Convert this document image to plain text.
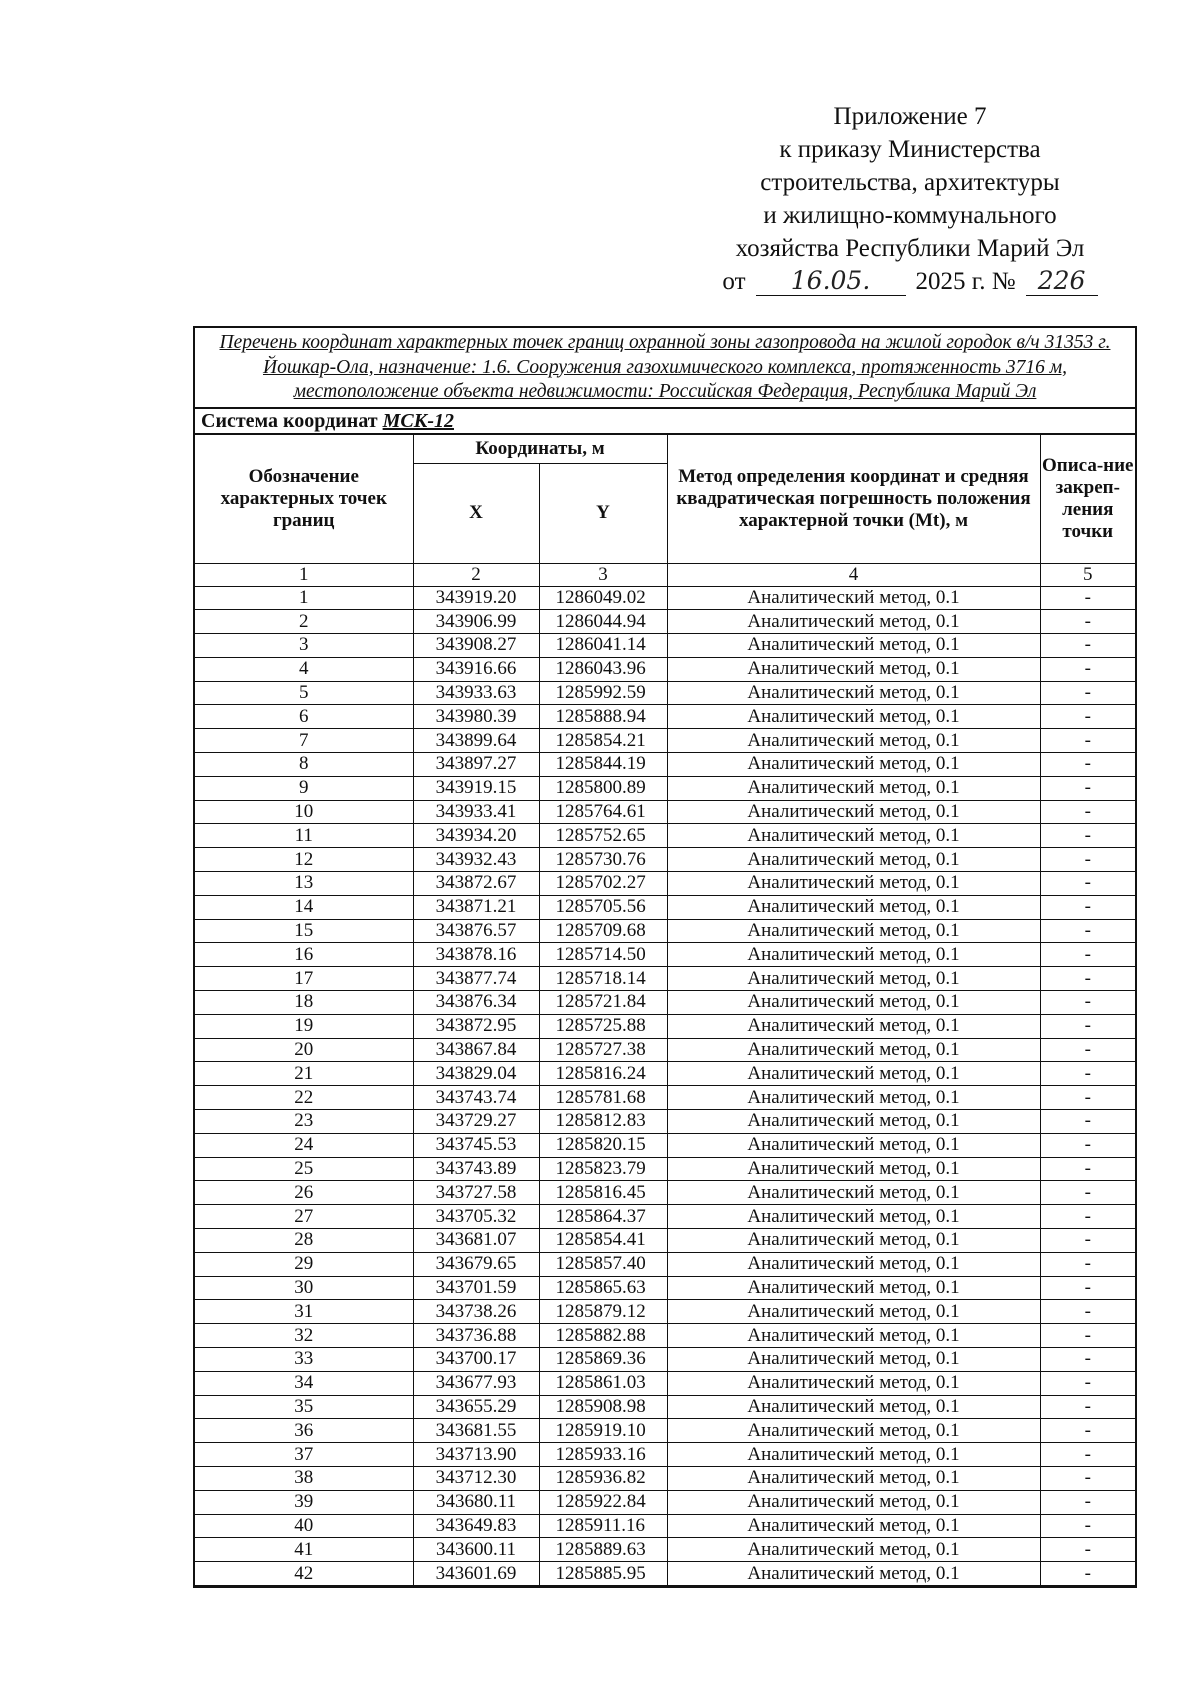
Приложение 7
к приказу Министерства
строительства, архитектуры
и жилищно-коммунального
хозяйства Республики Марий Эл
от	16.05.	2025 г. № 226
Перечень координат характерных точек границ охранной зоны газопровода на жилой городок в/ч 31353 г. Йошкар-Ола, назначение: 1.6. Сооружения газохимического комплекса, протяженность 3716 м, местоположение объекта недвижимости: Российская Федерация, Республика Марий Эл
Система координат МСК-12
Обозначение характерных точек границ	Координаты, м		Метод определения координат и средняя квадратическая погрешность положения характерной точки (Mt), м	Описа-ние закреп-ления точки
	X	Y		
1	2	3	4	5
1	343919.20	1286049.02	Аналитический метод, 0.1	-
2	343906.99	1286044.94	Аналитический метод, 0.1	-
3	343908.27	1286041.14	Аналитический метод, 0.1	-
4	343916.66	1286043.96	Аналитический метод, 0.1	-
5	343933.63	1285992.59	Аналитический метод, 0.1	-
6	343980.39	1285888.94	Аналитический метод, 0.1	-
7	343899.64	1285854.21	Аналитический метод, 0.1	-
8	343897.27	1285844.19	Аналитический метод, 0.1	-
9	343919.15	1285800.89	Аналитический метод, 0.1	-
10	343933.41	1285764.61	Аналитический метод, 0.1	-
11	343934.20	1285752.65	Аналитический метод, 0.1	-
12	343932.43	1285730.76	Аналитический метод, 0.1	-
13	343872.67	1285702.27	Аналитический метод, 0.1	-
14	343871.21	1285705.56	Аналитический метод, 0.1	-
15	343876.57	1285709.68	Аналитический метод, 0.1	-
16	343878.16	1285714.50	Аналитический метод, 0.1	-
17	343877.74	1285718.14	Аналитический метод, 0.1	-
18	343876.34	1285721.84	Аналитический метод, 0.1	-
19	343872.95	1285725.88	Аналитический метод, 0.1	-
20	343867.84	1285727.38	Аналитический метод, 0.1	-
21	343829.04	1285816.24	Аналитический метод, 0.1	-
22	343743.74	1285781.68	Аналитический метод, 0.1	-
23	343729.27	1285812.83	Аналитический метод, 0.1	-
24	343745.53	1285820.15	Аналитический метод, 0.1	-
25	343743.89	1285823.79	Аналитический метод, 0.1	-
26	343727.58	1285816.45	Аналитический метод, 0.1	-
27	343705.32	1285864.37	Аналитический метод, 0.1	-
28	343681.07	1285854.41	Аналитический метод, 0.1	-
29	343679.65	1285857.40	Аналитический метод, 0.1	-
30	343701.59	1285865.63	Аналитический метод, 0.1	-
31	343738.26	1285879.12	Аналитический метод, 0.1	-
32	343736.88	1285882.88	Аналитический метод, 0.1	-
33	343700.17	1285869.36	Аналитический метод, 0.1	-
34	343677.93	1285861.03	Аналитический метод, 0.1	-
35	343655.29	1285908.98	Аналитический метод, 0.1	-
36	343681.55	1285919.10	Аналитический метод, 0.1	-
37	343713.90	1285933.16	Аналитический метод, 0.1	-
38	343712.30	1285936.82	Аналитический метод, 0.1	-
39	343680.11	1285922.84	Аналитический метод, 0.1	-
40	343649.83	1285911.16	Аналитический метод, 0.1	-
41	343600.11	1285889.63	Аналитический метод, 0.1	-
42	343601.69	1285885.95	Аналитический метод, 0.1	-
